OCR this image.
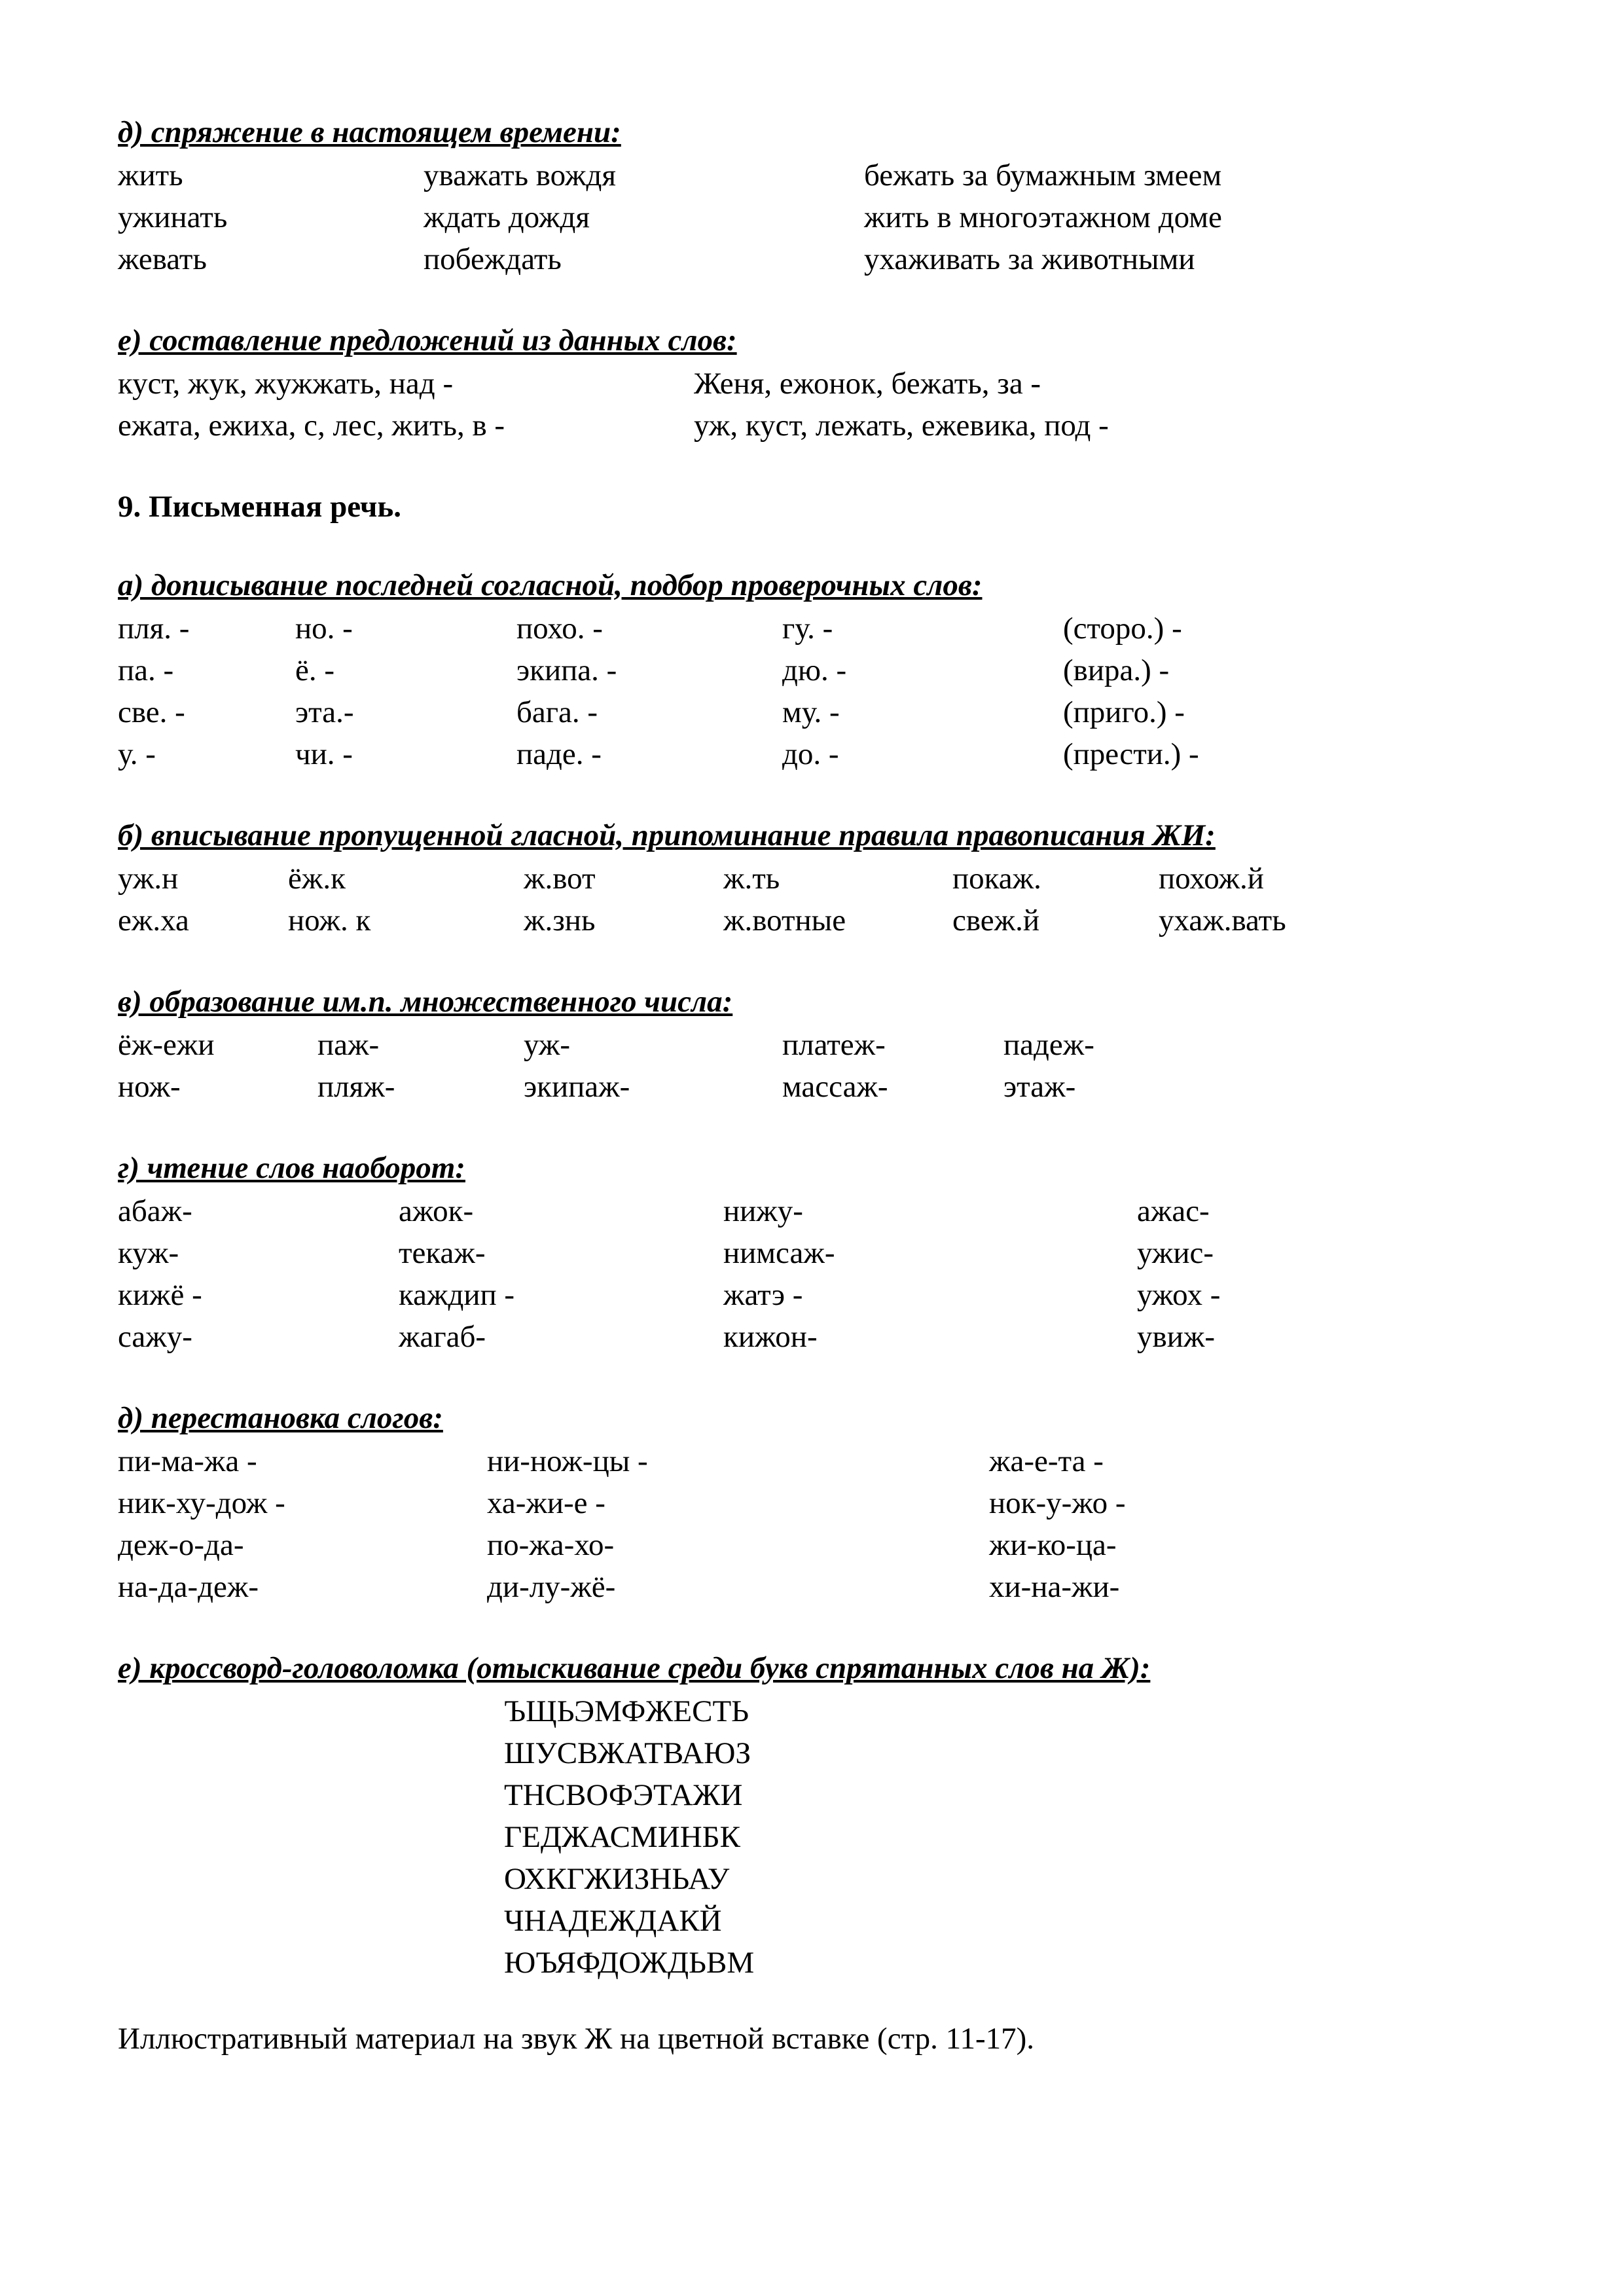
д) спряжение в настоящем времени:
жить	уважать вождя	бежать за бумажным змеем
ужинать	ждать дождя	жить в многоэтажном доме
жевать	побеждать	ухаживать за животными
е) составление предложений из данных слов:
куст, жук, жужжать, над -	Женя, ежонок, бежать, за -
ежата, ежиха, с, лес, жить, в -	уж, куст, лежать, ежевика, под -
9. Письменная речь.
а) дописывание последней согласной, подбор проверочных слов:
пля. -	но. -	похо. -	гу. -	(сторо.) -
па. -	ё. -	экипа. -	дю. -	(вира.) -
све. -	эта.-	бага. -	му. -	(приго.) -
у. -	чи. -	паде. -	до. -	(прести.) -
б) вписывание пропущенной гласной, припоминание правила правописания ЖИ:
уж.н	ёж.к	ж.вот	ж.ть	покаж.	похож.й
еж.ха	нож. к	ж.знь	ж.вотные	свеж.й	ухаж.вать
в) образование им.п. множественного числа:
ёж-ежи	паж-	уж-	платеж-	падеж-
нож-	пляж-	экипаж-	массаж-	этаж-
г) чтение слов наоборот:
абаж-	ажок-	нижу-	ажас-
куж-	текаж-	нимсаж-	ужис-
кижё -	каждип -	жатэ -	ужох -
сажу-	жагаб-	кижон-	увиж-
д) перестановка слогов:
пи-ма-жа -	ни-нож-цы -	жа-е-та -
ник-ху-дож -	ха-жи-е -	нок-у-жо -
деж-о-да-	по-жа-хо-	жи-ко-ца-
на-да-деж-	ди-лу-жё-	хи-на-жи-
е) кроссворд-головоломка (отыскивание среди букв спрятанных слов на Ж):
ЪЩЬЭМФЖЕСТЬ
ШУСВЖАТВАЮЗ
ТНСВОФЭТАЖИ
ГЕДЖАСМИНБК
ОХКГЖИЗНЬАУ
ЧНАДЕЖДАКЙ
ЮЪЯФДОЖДЬВМ

Иллюстративный материал на звук Ж на цветной вставке (стр. 11-17).
